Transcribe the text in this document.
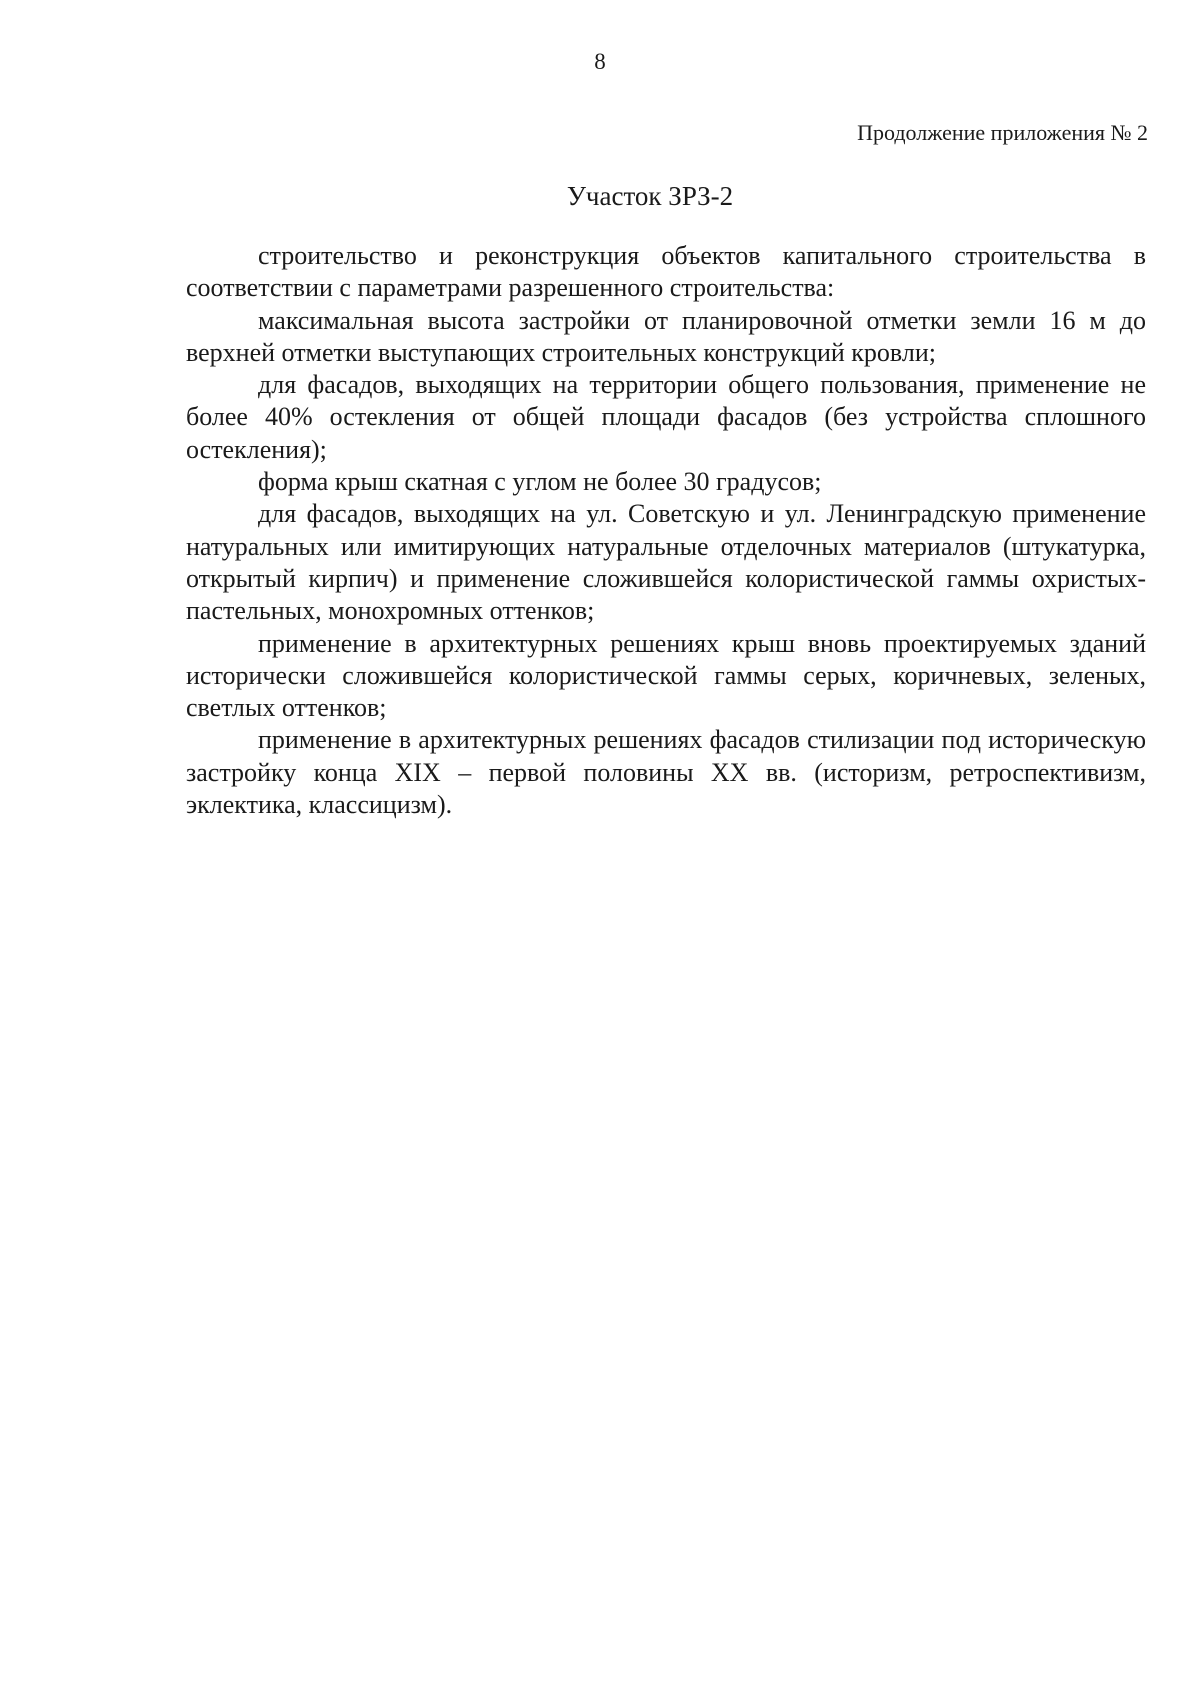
8
Продолжение приложения № 2
Участок ЗРЗ-2

строительство и реконструкция объектов капитального строительства в соответствии с параметрами разрешенного строительства:

максимальная высота застройки от планировочной отметки земли 16 м до верхней отметки выступающих строительных конструкций кровли;

для фасадов, выходящих на территории общего пользования, применение не более 40% остекления от общей площади фасадов (без устройства сплошного остекления);

форма крыш скатная с углом не более 30 градусов;

для фасадов, выходящих на ул. Советскую и ул. Ленинградскую применение натуральных или имитирующих натуральные отделочных материалов (штукатурка, открытый кирпич) и применение сложившейся колористической гаммы охристых-пастельных, монохромных оттенков;

применение в архитектурных решениях крыш вновь проектируемых зданий исторически сложившейся колористической гаммы серых, коричневых, зеленых, светлых оттенков;

применение в архитектурных решениях фасадов стилизации под историческую застройку конца XIX – первой половины XX вв. (историзм, ретроспективизм, эклектика, классицизм).
